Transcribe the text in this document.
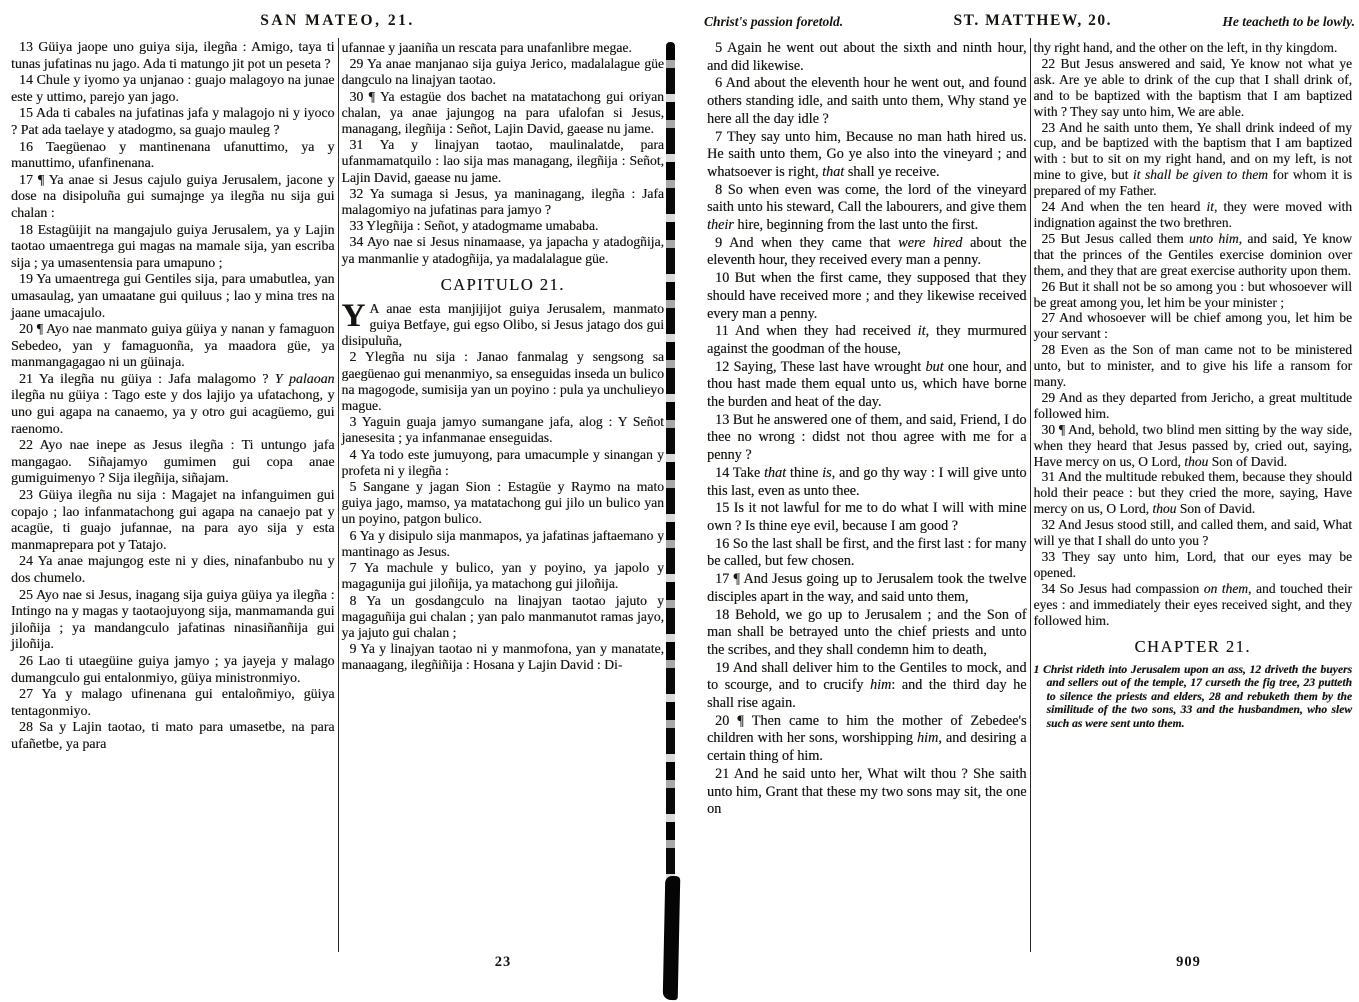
SAN MATEO, 21.

13 Güiya jaope uno guiya sija, ilegña : Amigo, taya ti tunas jufatinas nu jago. Ada ti matungo jit pot un peseta ?

14 Chule y iyomo ya unjanao : guajo malagoyo na junae este y uttimo, parejo yan jago.

15 Ada ti cabales na jufatinas jafa y malagojo ni y iyoco ? Pat ada taelaye y atadogmo, sa guajo mauleg ?

16 Taegüenao y mantinenana ufanuttimo, ya y manuttimo, ufanfinenana.

17 ¶ Ya anae si Jesus cajulo guiya Jerusalem, jacone y dose na disipoluña gui sumajnge ya ilegña nu sija gui chalan :

18 Estagüijit na mangajulo guiya Jerusalem, ya y Lajin taotao umaentrega gui magas na mamale sija, yan escriba sija ; ya umasentensia para umapuno ;

19 Ya umaentrega gui Gentiles sija, para umabutlea, yan umasaulag, yan umaatane gui quiluus ; lao y mina tres na jaane umacajulo.

20 ¶ Ayo nae manmato guiya güiya y nanan y famaguon Sebedeo, yan y famaguonña, ya maadora güe, ya manmangagagao ni un güinaja.

21 Ya ilegña nu güiya : Jafa malagomo ? Y palaoan ilegña nu güiya : Tago este y dos lajijo ya ufatachong, y uno gui agapa na canaemo, ya y otro gui acagüemo, gui raenomo.

22 Ayo nae inepe as Jesus ilegña : Ti untungo jafa mangagao. Siñajamyo gumimen gui copa anae gumiguimenyo ? Sija ilegñija, siñajam.

23 Güiya ilegña nu sija : Magajet na infanguimen gui copajo ; lao infanmatachong gui agapa na canaejo pat y acagüe, ti guajo jufannae, na para ayo sija y esta manmaprepara pot y Tatajo.

24 Ya anae majungog este ni y dies, ninafanbubo nu y dos chumelo.

25 Ayo nae si Jesus, inagang sija guiya güiya ya ilegña : Intingo na y magas y taotaojuyong sija, manmamanda gui jiloñija ; ya mandangculo jafatinas ninasiñanñija gui jiloñija.

26 Lao ti utaegüine guiya jamyo ; ya jayeja y malago dumangculo gui entalonmiyo, güiya ministronmiyo.

27 Ya y malago ufinenana gui entaloñmiyo, güiya tentagonmiyo.

28 Sa y Lajin taotao, ti mato para umasetbe, na para ufañetbe, ya para

ufannae y jaaniña un rescata para unafanlibre megae.

29 Ya anae manjanao sija guiya Jerico, madalalague güe dangculo na linajyan taotao.

30 ¶ Ya estagüe dos bachet na matatachong gui oriyan chalan, ya anae jajungog na para ufalofan si Jesus, managang, ilegñija : Señot, Lajin David, gaease nu jame.

31 Ya y linajyan taotao, maulinalatde, para ufanmamatquilo : lao sija mas managang, ilegñija : Señot, Lajin David, gaease nu jame.

32 Ya sumaga si Jesus, ya maninagang, ilegña : Jafa malagomiyo na jufatinas para jamyo ?

33 Ylegñija : Señot, y atadogmame umababa.

34 Ayo nae si Jesus ninamaase, ya japacha y atadogñija, ya manmanlie y atadogñija, ya madalalague güe.

CAPITULO 21.

Y A anae esta manjijijot guiya Jerusalem, manmato guiya Betfaye, gui egso Olibo, si Jesus jatago dos gui disipuluña,

2 Ylegña nu sija : Janao fanmalag y sengsong sa gaegüenao gui menanmiyo, sa enseguidas inseda un bulico na magogode, sumisija yan un poyino : pula ya unchulieyo mague.

3 Yaguin guaja jamyo sumangane jafa, alog : Y Señot janesesita ; ya infanmanae enseguidas.

4 Ya todo este jumuyong, para umacumple y sinangan y profeta ni y ilegña :

5 Sangane y jagan Sion : Estagüe y Raymo na mato guiya jago, mamso, ya matatachong gui jilo un bulico yan un poyino, patgon bulico.

6 Ya y disipulo sija manmapos, ya jafatinas jaftaemano y mantinago as Jesus.

7 Ya machule y bulico, yan y poyino, ya japolo y magagunija gui jiloñija, ya matachong gui jiloñija.

8 Ya un gosdangculo na linajyan taotao jajuto y magaguñija gui chalan ; yan palo manmanutot ramas jayo, ya jajuto gui chalan ;

9 Ya y linajyan taotao ni y manmofona, yan y manatate, manaagang, ilegñiñija : Hosana y Lajin David : Di-

23
Christ's passion foretold.	ST. MATTHEW, 20.	He teacheth to be lowly.

5 Again he went out about the sixth and ninth hour, and did likewise.

6 And about the eleventh hour he went out, and found others standing idle, and saith unto them, Why stand ye here all the day idle ?

7 They say unto him, Because no man hath hired us. He saith unto them, Go ye also into the vineyard ; and whatsoever is right, that shall ye receive.

8 So when even was come, the lord of the vineyard saith unto his steward, Call the labourers, and give them their hire, beginning from the last unto the first.

9 And when they came that were hired about the eleventh hour, they received every man a penny.

10 But when the first came, they supposed that they should have received more ; and they likewise received every man a penny.

11 And when they had received it, they murmured against the goodman of the house,

12 Saying, These last have wrought but one hour, and thou hast made them equal unto us, which have borne the burden and heat of the day.

13 But he answered one of them, and said, Friend, I do thee no wrong : didst not thou agree with me for a penny ?

14 Take that thine is, and go thy way : I will give unto this last, even as unto thee.

15 Is it not lawful for me to do what I will with mine own ? Is thine eye evil, because I am good ?

16 So the last shall be first, and the first last : for many be called, but few chosen.

17 ¶ And Jesus going up to Jerusalem took the twelve disciples apart in the way, and said unto them,

18 Behold, we go up to Jerusalem ; and the Son of man shall be betrayed unto the chief priests and unto the scribes, and they shall condemn him to death,

19 And shall deliver him to the Gentiles to mock, and to scourge, and to crucify him: and the third day he shall rise again.

20 ¶ Then came to him the mother of Zebedee's children with her sons, worshipping him, and desiring a certain thing of him.

21 And he said unto her, What wilt thou ? She saith unto him, Grant that these my two sons may sit, the one on

thy right hand, and the other on the left, in thy kingdom.

22 But Jesus answered and said, Ye know not what ye ask. Are ye able to drink of the cup that I shall drink of, and to be baptized with the baptism that I am baptized with ? They say unto him, We are able.

23 And he saith unto them, Ye shall drink indeed of my cup, and be baptized with the baptism that I am baptized with : but to sit on my right hand, and on my left, is not mine to give, but it shall be given to them for whom it is prepared of my Father.

24 And when the ten heard it, they were moved with indignation against the two brethren.

25 But Jesus called them unto him, and said, Ye know that the princes of the Gentiles exercise dominion over them, and they that are great exercise authority upon them.

26 But it shall not be so among you : but whosoever will be great among you, let him be your minister ;

27 And whosoever will be chief among you, let him be your servant :

28 Even as the Son of man came not to be ministered unto, but to minister, and to give his life a ransom for many.

29 And as they departed from Jericho, a great multitude followed him.

30 ¶ And, behold, two blind men sitting by the way side, when they heard that Jesus passed by, cried out, saying, Have mercy on us, O Lord, thou Son of David.

31 And the multitude rebuked them, because they should hold their peace : but they cried the more, saying, Have mercy on us, O Lord, thou Son of David.

32 And Jesus stood still, and called them, and said, What will ye that I shall do unto you ?

33 They say unto him, Lord, that our eyes may be opened.

34 So Jesus had compassion on them, and touched their eyes : and immediately their eyes received sight, and they followed him.

CHAPTER 21.

1 Christ rideth into Jerusalem upon an ass, 12 driveth the buyers and sellers out of the temple, 17 curseth the fig tree, 23 putteth to silence the priests and elders, 28 and rebuketh them by the similitude of the two sons, 33 and the husbandmen, who slew such as were sent unto them.

909
